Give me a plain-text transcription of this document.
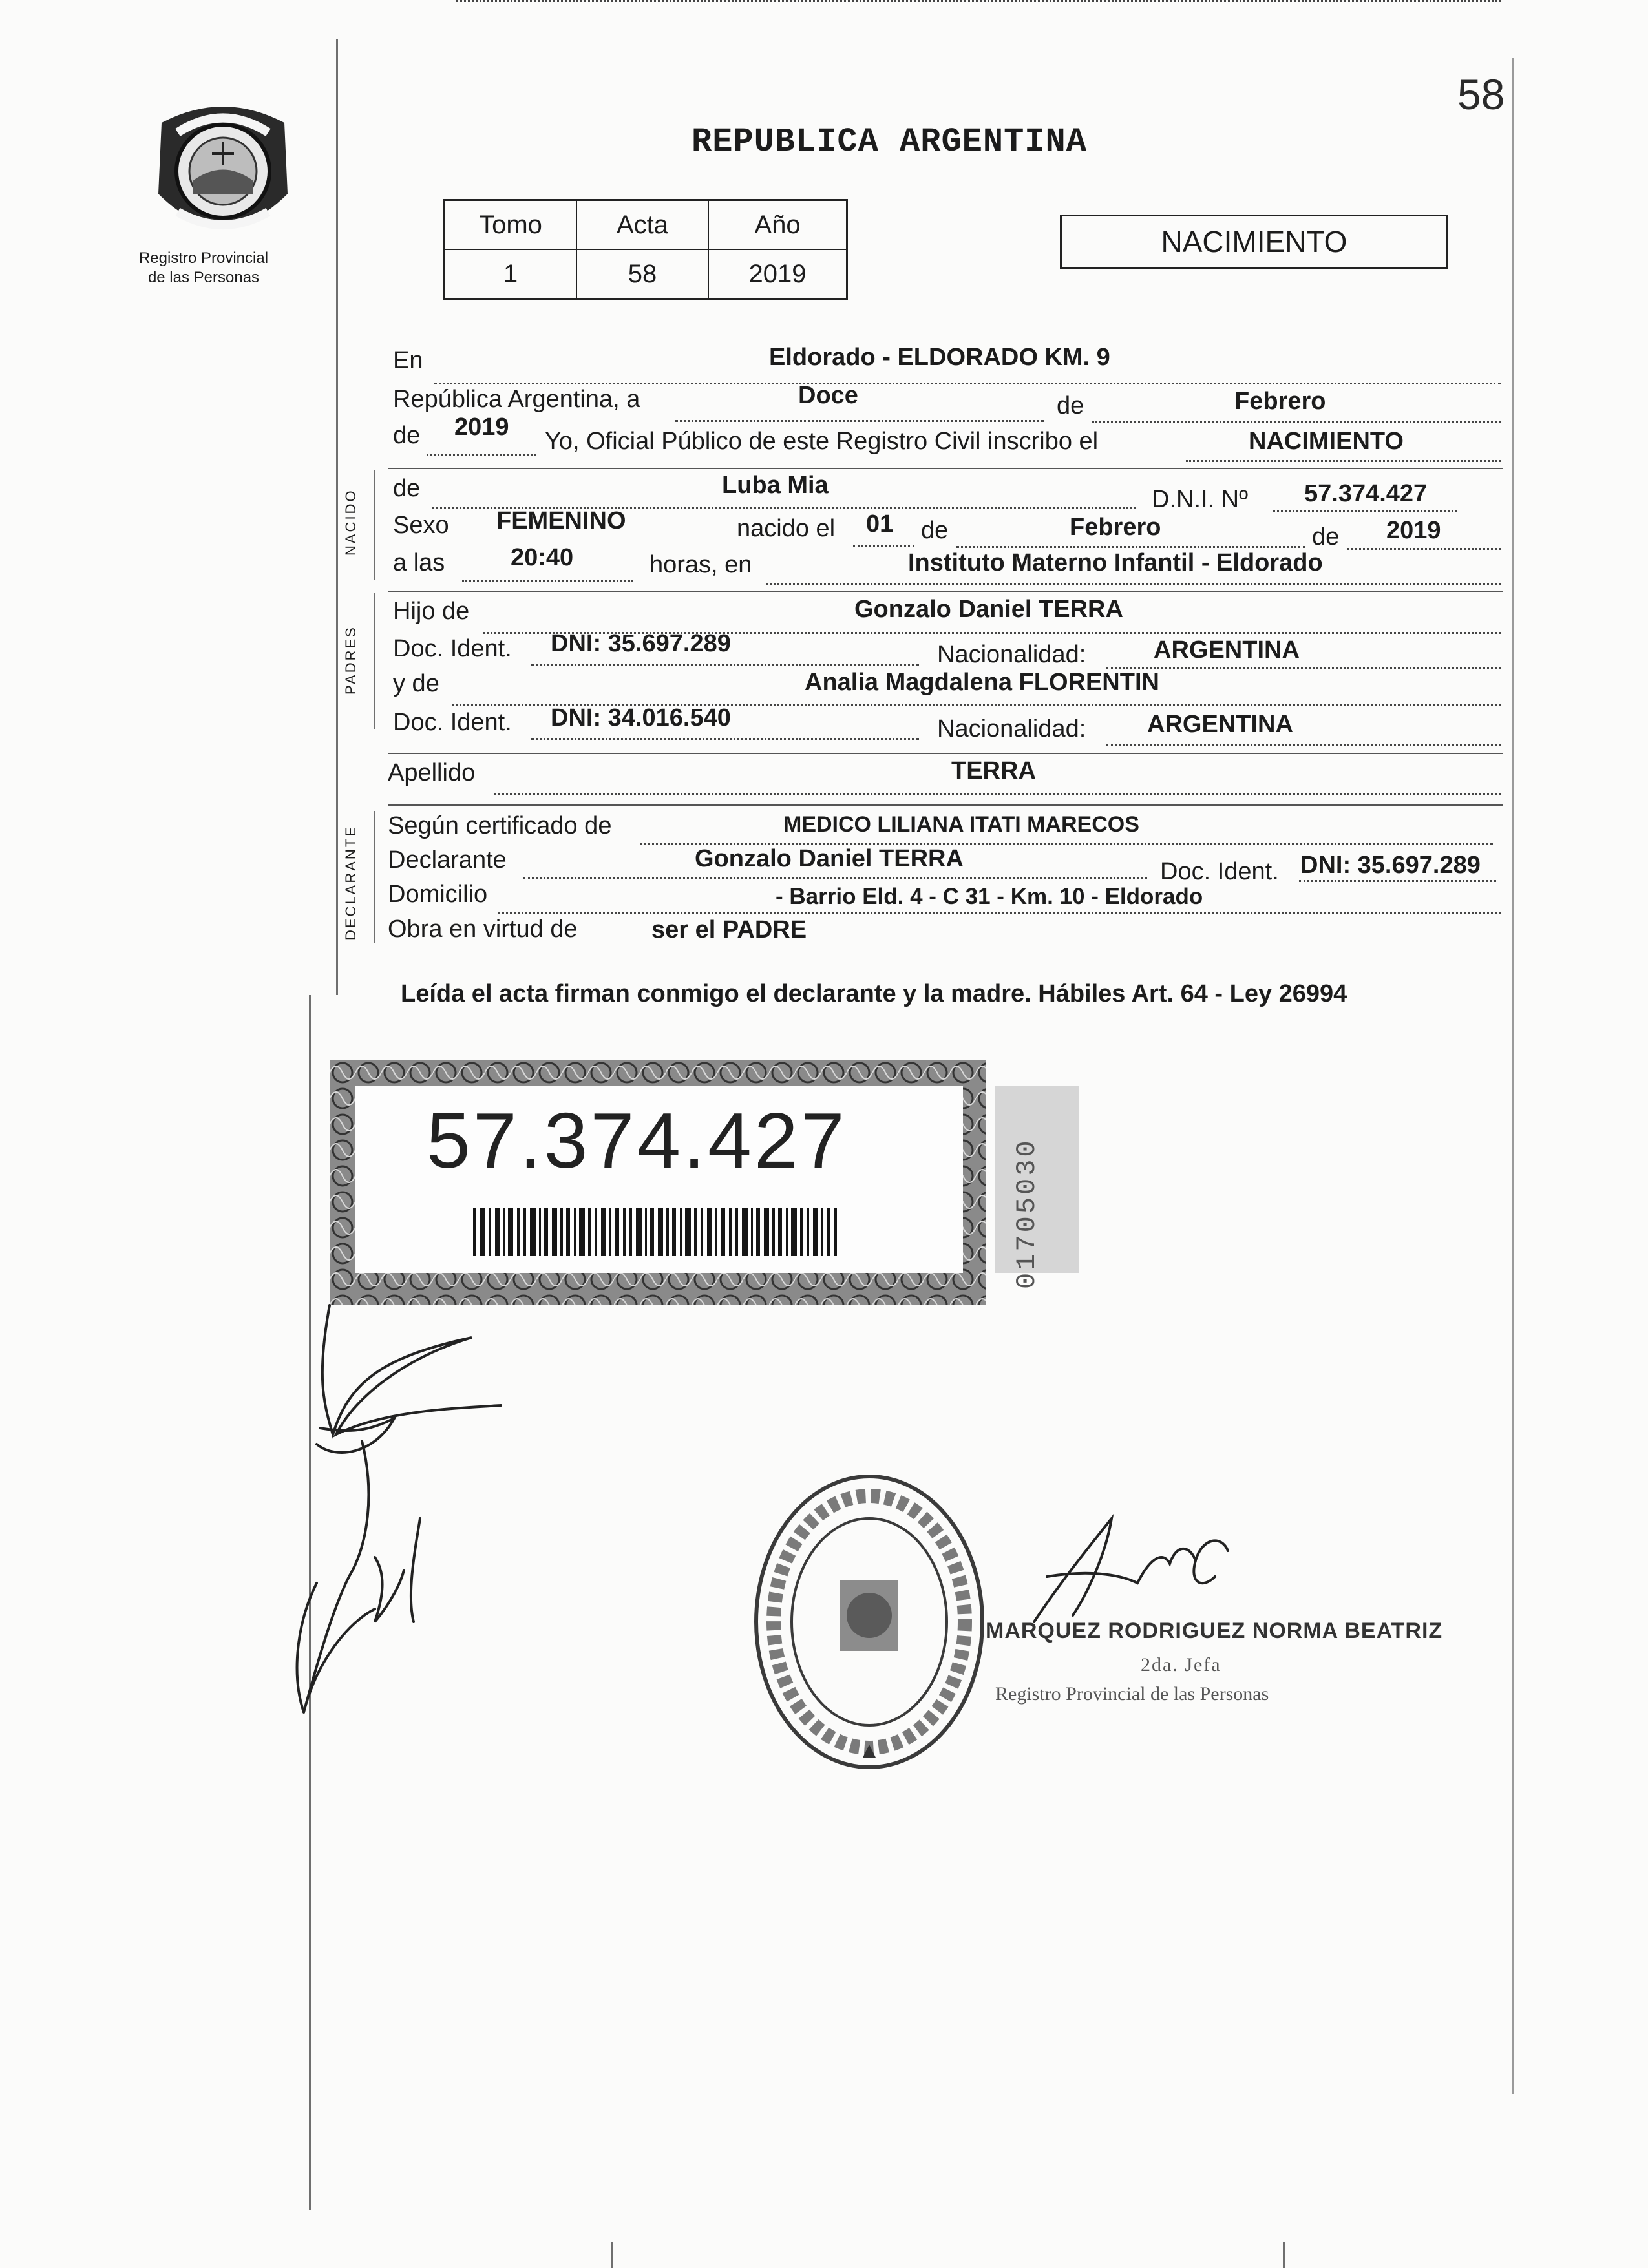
58
REPUBLICA ARGENTINA
Registro Provincial
de las Personas
Tomo	Acta	Año
1	58	2019
NACIMIENTO
NACIDO
PADRES
DECLARANTE
En	Eldorado - ELDORADO KM. 9
República Argentina, a	Doce	de	Febrero
de 2019
Yo, Oficial Público de este Registro Civil inscribo el	NACIMIENTO
de	Luba Mia
D.N.I. Nº 57.374.427
Sexo FEMENINO	nacido el 01 de	Febrero	de 2019
a las	20:40	horas, en	Instituto Materno Infantil - Eldorado
Hijo de	Gonzalo Daniel TERRA
Doc. Ident. DNI: 35.697.289	Nacionalidad:	ARGENTINA
y de	Analia Magdalena FLORENTIN
Doc. Ident. DNI: 34.016.540	Nacionalidad: ARGENTINA
Apellido	TERRA
Según certificado de	MEDICO LILIANA ITATI MARECOS
Declarante	Gonzalo Daniel TERRA	Doc. Ident. DNI: 35.697.289
Domicilio	- Barrio Eld. 4 - C 31 - Km. 10 - Eldorado
Obra en virtud de	ser el PADRE
Leída el acta firman conmigo el declarante y la madre. Hábiles Art. 64 - Ley 26994
57.374.427	01705030
MARQUEZ RODRIGUEZ NORMA BEATRIZ
2da. Jefa
Registro Provincial de las Personas
